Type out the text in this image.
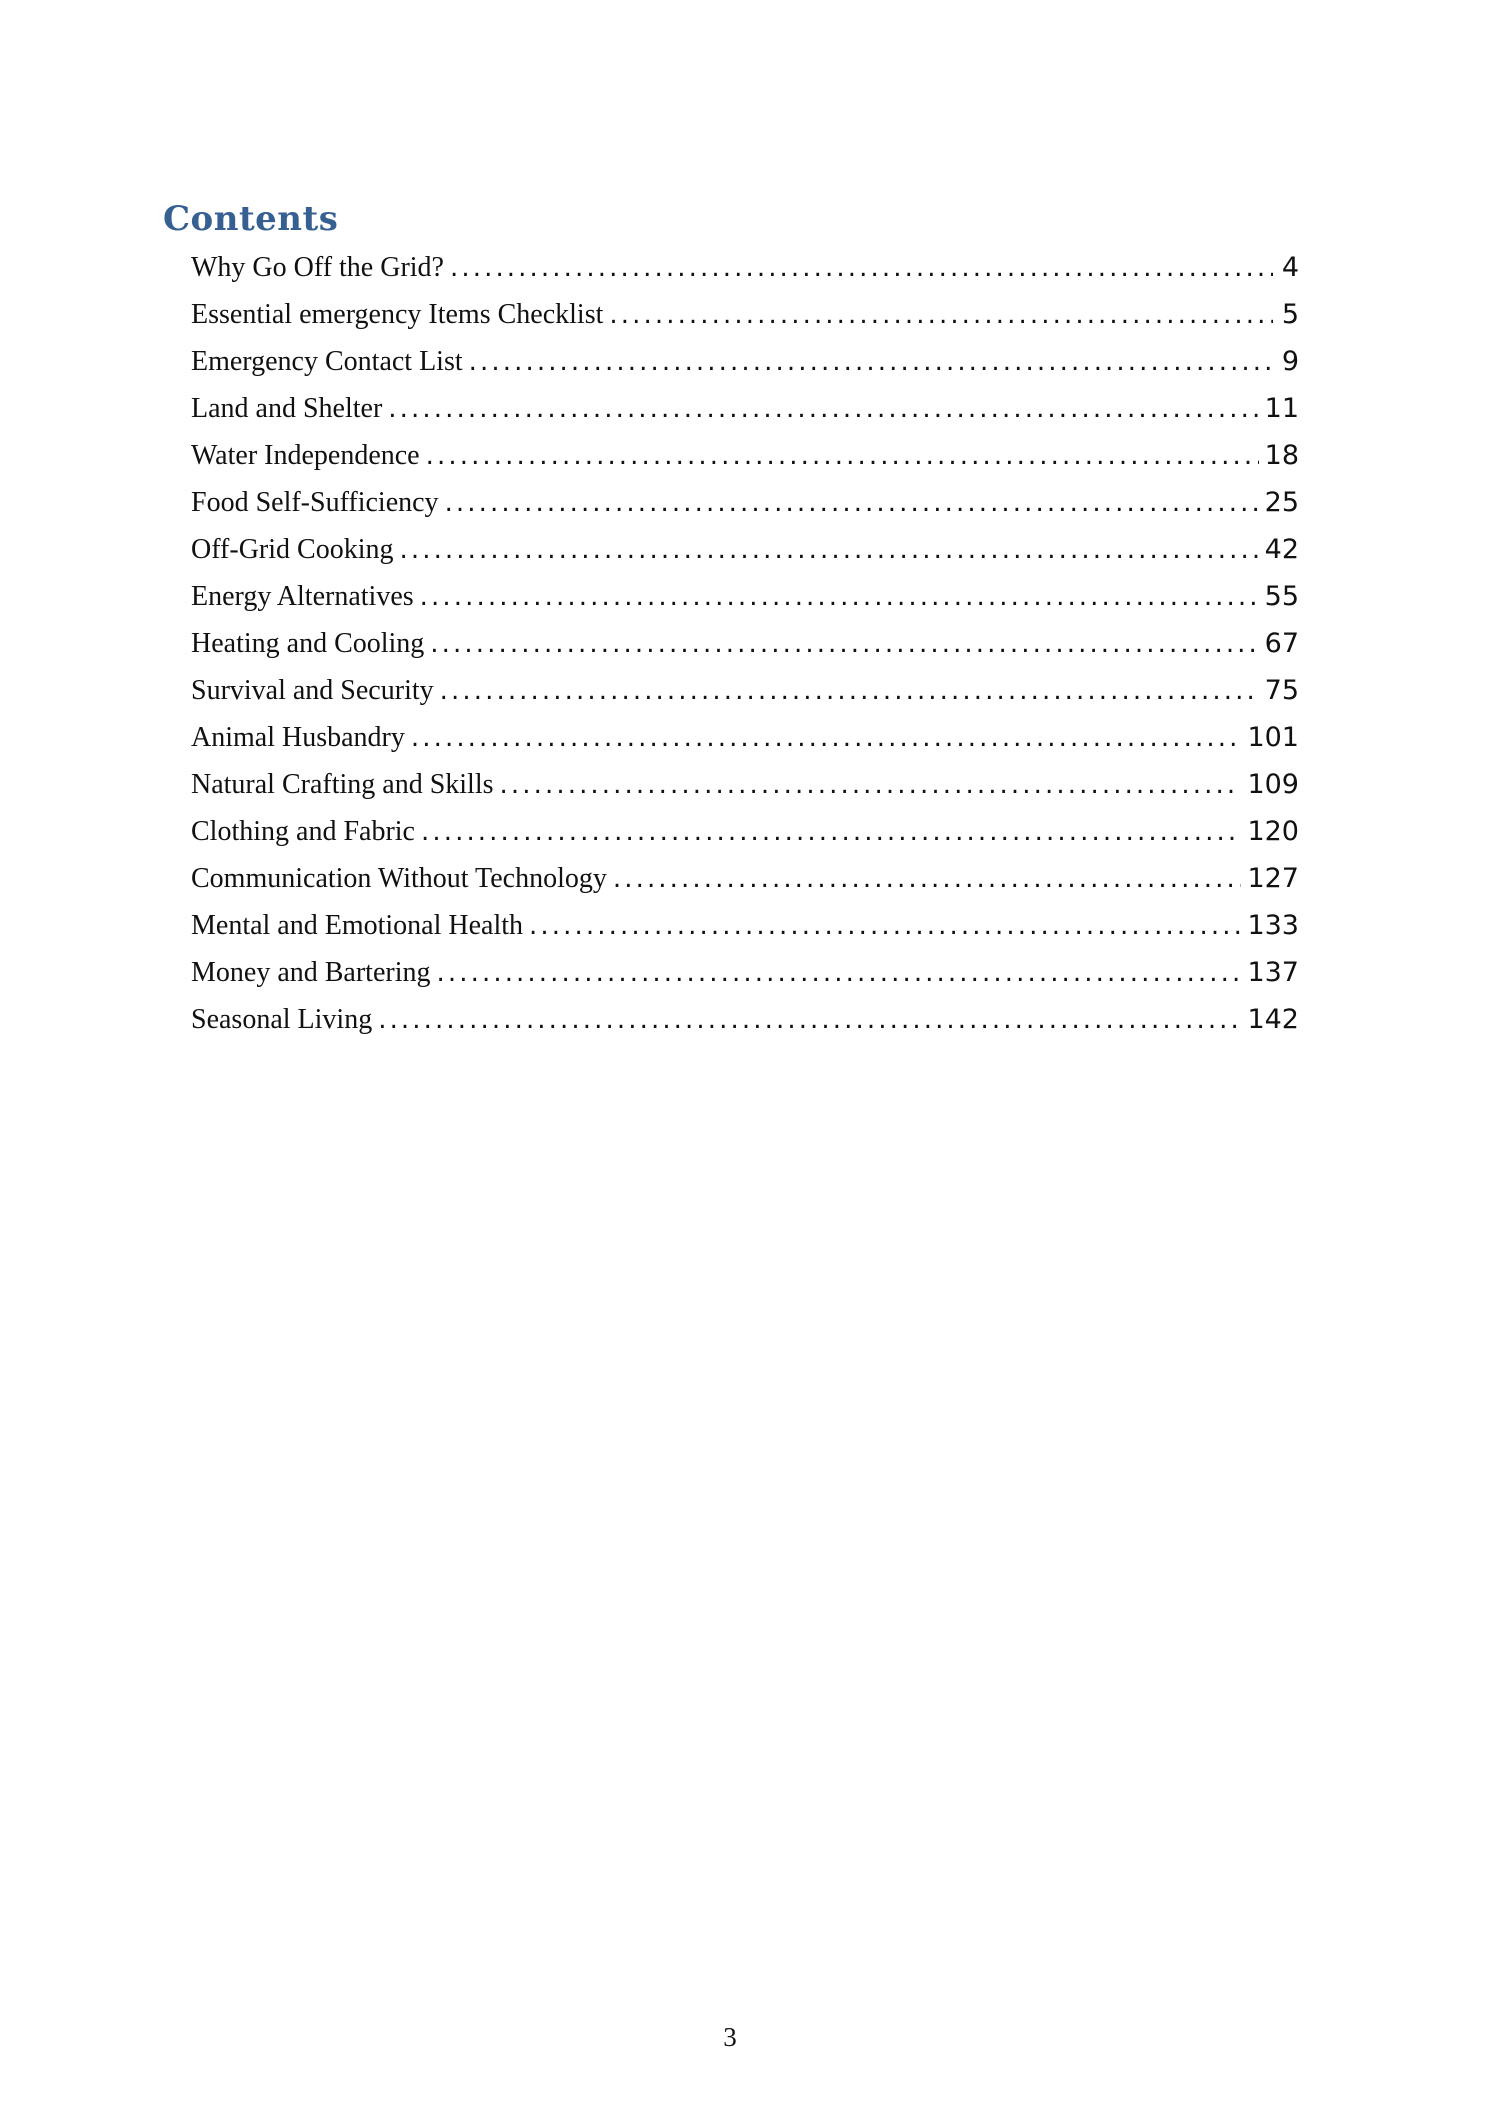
Contents
Why Go Off the Grid? .....	4
Essential emergency Items Checklist .....	5
Emergency Contact List .....	9
Land and Shelter .....	11
Water Independence .....	18
Food Self-Sufficiency .....	25
Off-Grid Cooking .....	42
Energy Alternatives .....	55
Heating and Cooling .....	67
Survival and Security .....	75
Animal Husbandry .....	101
Natural Crafting and Skills .....	109
Clothing and Fabric .....	120
Communication Without Technology .....	127
Mental and Emotional Health .....	133
Money and Bartering .....	137
Seasonal Living .....	142
3
